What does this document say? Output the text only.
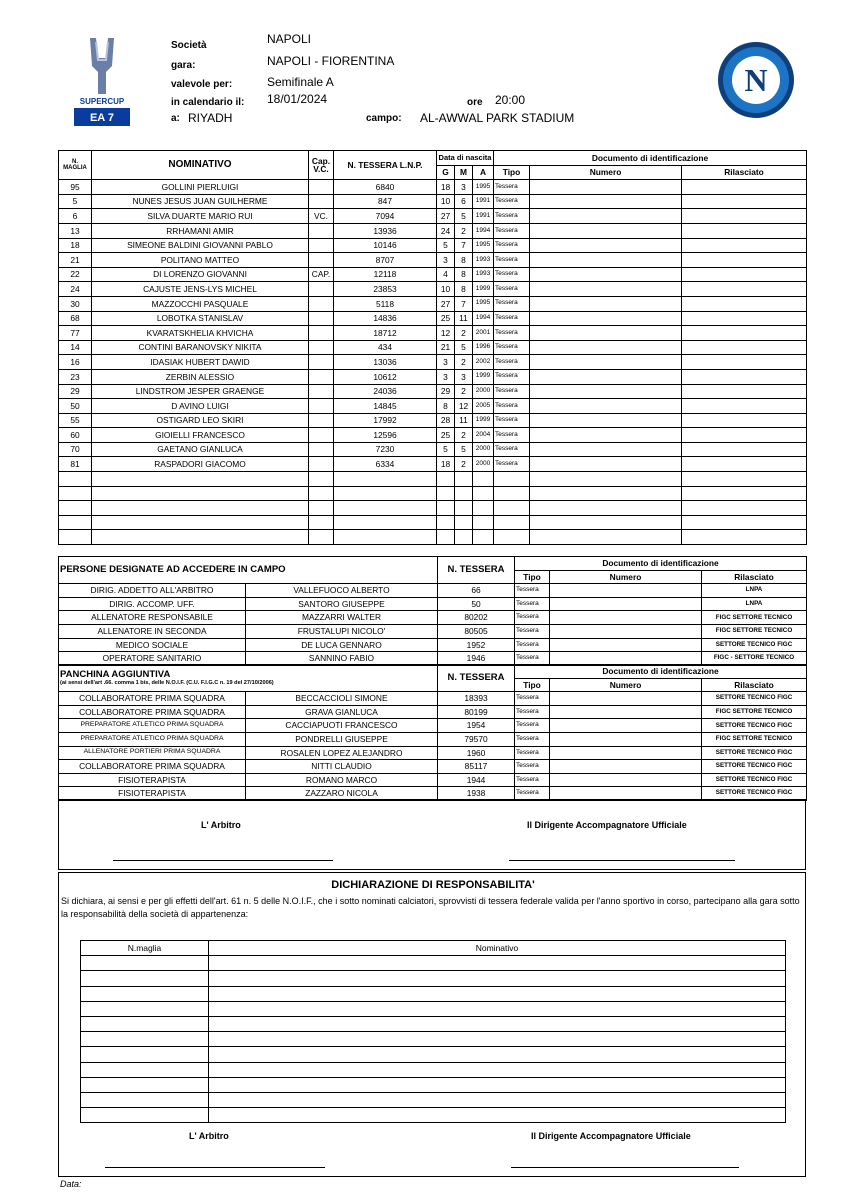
SUPERCUP
EA 7
Società
gara:
valevole per:
in calendario il:
a:
NAPOLI
NAPOLI - FIORENTINA
Semifinale A
18/01/2024
RIYADH
ore 20:00
campo: AL-AWWAL PARK STADIUM
N
N.
MAGLIA	NOMINATIVO	Cap.
V.C.	N. TESSERA L.N.P.	Data di nascita			Documento di identificazione		
				G	M	A	Tipo	Numero	Rilasciato
95	GOLLINI PIERLUIGI		6840	18	3	1995	Tessera		
5	NUNES JESUS JUAN GUILHERME		847	10	6	1991	Tessera		
6	SILVA DUARTE MARIO RUI	VC.	7094	27	5	1991	Tessera		
13	RRHAMANI AMIR		13936	24	2	1994	Tessera		
18	SIMEONE BALDINI GIOVANNI PABLO		10146	5	7	1995	Tessera		
21	POLITANO MATTEO		8707	3	8	1993	Tessera		
22	DI LORENZO GIOVANNI	CAP.	12118	4	8	1993	Tessera		
24	CAJUSTE JENS-LYS MICHEL		23853	10	8	1999	Tessera		
30	MAZZOCCHI PASQUALE		5118	27	7	1995	Tessera		
68	LOBOTKA STANISLAV		14836	25	11	1994	Tessera		
77	KVARATSKHELIA KHVICHA		18712	12	2	2001	Tessera		
14	CONTINI BARANOVSKY NIKITA		434	21	5	1996	Tessera		
16	IDASIAK HUBERT DAWID		13036	3	2	2002	Tessera		
23	ZERBIN ALESSIO		10612	3	3	1999	Tessera		
29	LINDSTROM JESPER GRAENGE		24036	29	2	2000	Tessera		
50	D AVINO LUIGI		14845	8	12	2005	Tessera		
55	OSTIGARD LEO SKIRI		17992	28	11	1999	Tessera		
60	GIOIELLI FRANCESCO		12596	25	2	2004	Tessera		
70	GAETANO GIANLUCA		7230	5	5	2000	Tessera		
81	RASPADORI GIACOMO		6334	18	2	2000	Tessera		

PERSONE DESIGNATE AD ACCEDERE IN CAMPO		N. TESSERA	Documento di identificazione		
			Tipo	Numero	Rilasciato
DIRIG. ADDETTO ALL'ARBITRO	VALLEFUOCO ALBERTO	66	Tessera		LNPA
DIRIG. ACCOMP. UFF.	SANTORO GIUSEPPE	50	Tessera		LNPA
ALLENATORE RESPONSABILE	MAZZARRI WALTER	80202	Tessera		FIGC SETTORE TECNICO
ALLENATORE IN SECONDA	FRUSTALUPI NICOLO'	80505	Tessera		FIGC SETTORE TECNICO
MEDICO SOCIALE	DE LUCA GENNARO	1952	Tessera		SETTORE TECNICO FIGC
OPERATORE SANITARIO	SANNINO FABIO	1946	Tessera		FIGC - SETTORE TECNICO
PANCHINA AGGIUNTIVA
(ai sensi dell'art .66. comma 1 bis, delle N.O.I.F. (C.U. F.I.G.C n. 19 del 27/10/2006)		N. TESSERA	Documento di identificazione		
			Tipo	Numero	Rilasciato
COLLABORATORE PRIMA SQUADRA	BECCACCIOLI SIMONE	18393	Tessera		SETTORE TECNICO FIGC
COLLABORATORE PRIMA SQUADRA	GRAVA GIANLUCA	80199	Tessera		FIGC SETTORE TECNICO
PREPARATORE ATLETICO PRIMA SQUADRA	CACCIAPUOTI FRANCESCO	1954	Tessera		SETTORE TECNICO FIGC
PREPARATORE ATLETICO PRIMA SQUADRA	PONDRELLI GIUSEPPE	79570	Tessera		FIGC SETTORE TECNICO
ALLENATORE PORTIERI PRIMA SQUADRA	ROSALEN LOPEZ ALEJANDRO	1960	Tessera		SETTORE TECNICO FIGC
COLLABORATORE PRIMA SQUADRA	NITTI CLAUDIO	85117	Tessera		SETTORE TECNICO FIGC
FISIOTERAPISTA	ROMANO MARCO	1944	Tessera		SETTORE TECNICO FIGC
FISIOTERAPISTA	ZAZZARO NICOLA	1938	Tessera		SETTORE TECNICO FIGC
L' Arbitro	Il Dirigente Accompagnatore Ufficiale
DICHIARAZIONE DI RESPONSABILITA'
Si dichiara, ai sensi e per gli effetti dell'art. 61 n. 5 delle N.O.I.F., che i sotto nominati calciatori, sprovvisti di tessera federale valida per l'anno sportivo in corso, partecipano alla gara sotto la responsabilità della società di appartenenza:
L' Arbitro	Il Dirigente Accompagnatore Ufficiale
N.maglia	Nominativo

Data:
